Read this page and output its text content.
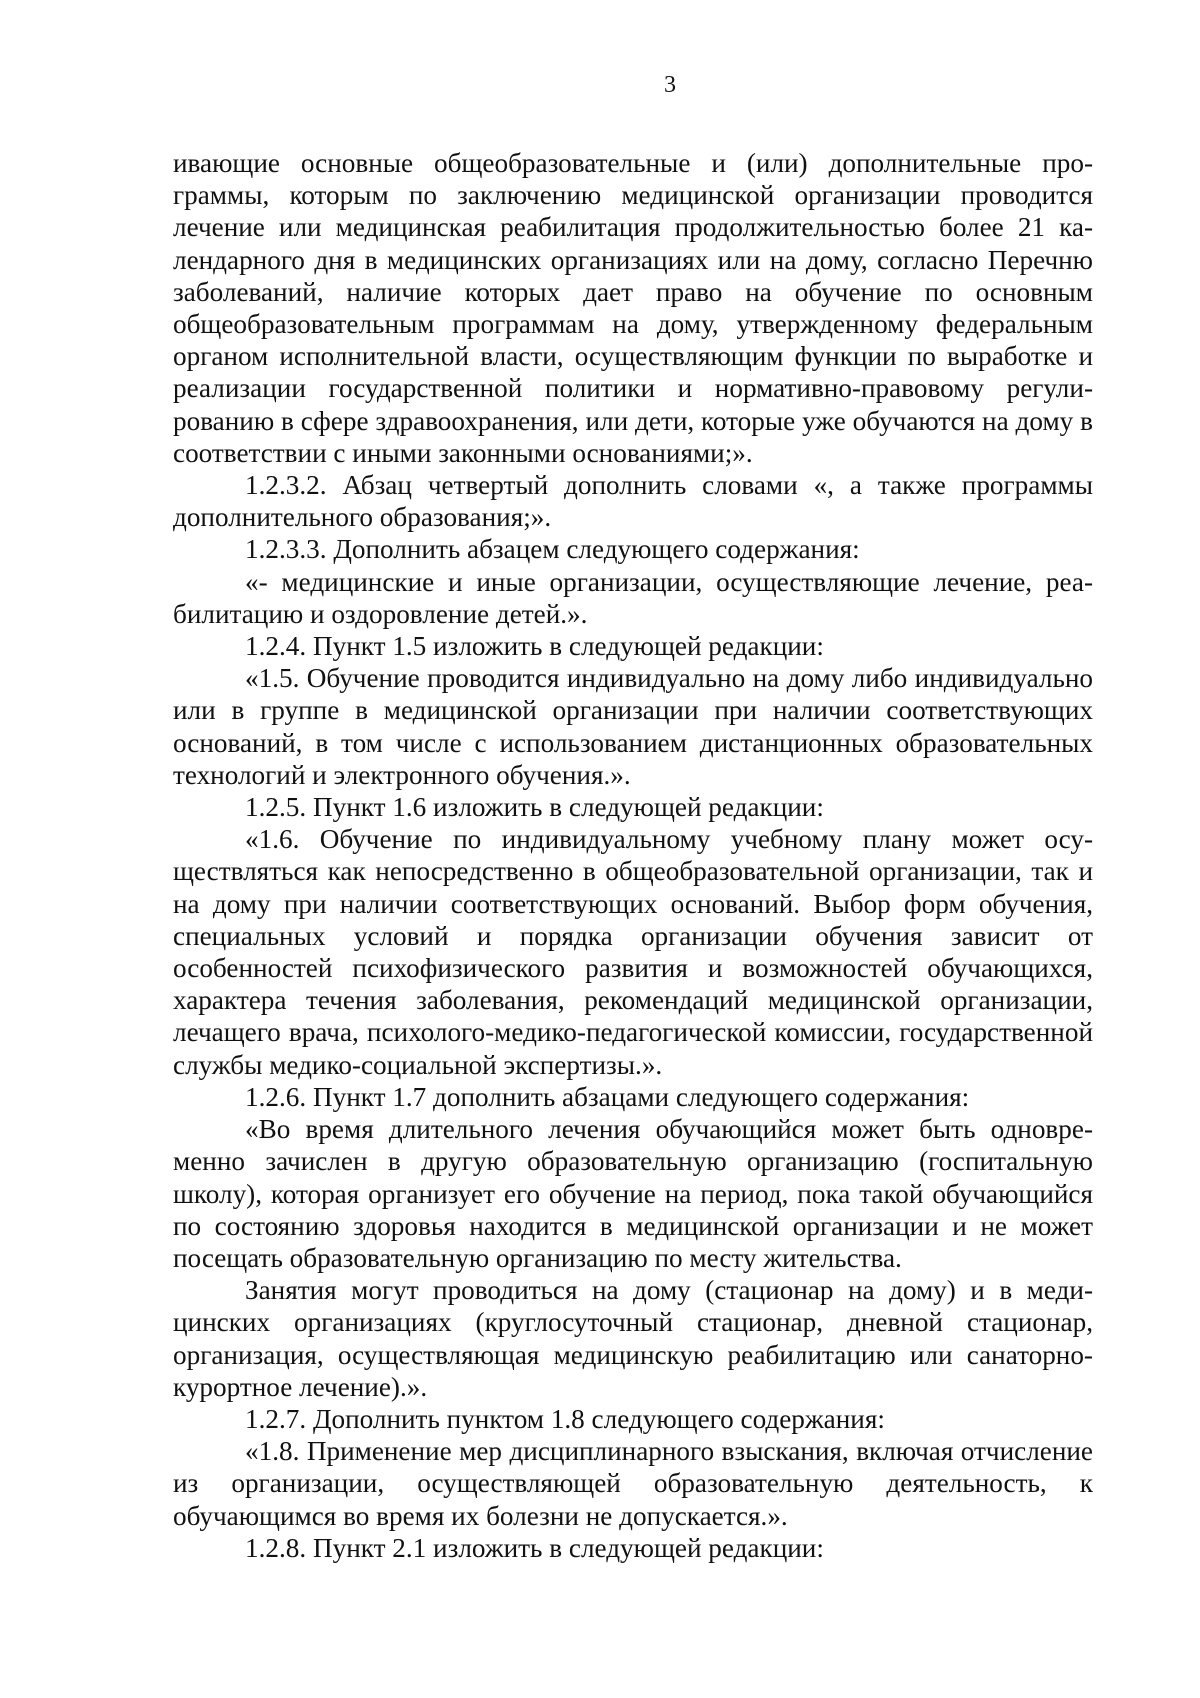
3

ивающие основные общеобразовательные и (или) дополнительные программы, которым по заключению медицинской организации проводится лечение или медицинская реабилитация продолжительностью более 21 календарного дня в медицинских организациях или на дому, согласно Перечню заболеваний, наличие которых дает право на обучение по основным общеобразовательным программам на дому, утвержденному федеральным органом исполнительной власти, осуществляющим функции по выработке и реализации государственной политики и нормативно-правовому регулированию в сфере здравоохранения, или дети, которые уже обучаются на дому в соответствии с иными законными основаниями;».

1.2.3.2. Абзац четвертый дополнить словами «, а также программы дополнительного образования;».

1.2.3.3. Дополнить абзацем следующего содержания:

«- медицинские и иные организации, осуществляющие лечение, реабилитацию и оздоровление детей.».

1.2.4. Пункт 1.5 изложить в следующей редакции:

«1.5. Обучение проводится индивидуально на дому либо индивидуально или в группе в медицинской организации при наличии соответствующих оснований, в том числе с использованием дистанционных образовательных технологий и электронного обучения.».

1.2.5. Пункт 1.6 изложить в следующей редакции:

«1.6. Обучение по индивидуальному учебному плану может осуществляться как непосредственно в общеобразовательной организации, так и на дому при наличии соответствующих оснований. Выбор форм обучения, специальных условий и порядка организации обучения зависит от особенностей психофизического развития и возможностей обучающихся, характера течения заболевания, рекомендаций медицинской организации, лечащего врача, психолого-медико-педагогической комиссии, государственной службы медико-социальной экспертизы.».

1.2.6. Пункт 1.7 дополнить абзацами следующего содержания:

«Во время длительного лечения обучающийся может быть одновременно зачислен в другую образовательную организацию (госпитальную школу), которая организует его обучение на период, пока такой обучающийся по состоянию здоровья находится в медицинской организации и не может посещать образовательную организацию по месту жительства.

Занятия могут проводиться на дому (стационар на дому) и в медицинских организациях (круглосуточный стационар, дневной стационар, организация, осуществляющая медицинскую реабилитацию или санаторно-курортное лечение).».

1.2.7. Дополнить пунктом 1.8 следующего содержания:

«1.8. Применение мер дисциплинарного взыскания, включая отчисление из организации, осуществляющей образовательную деятельность, к обучающимся во время их болезни не допускается.».

1.2.8. Пункт 2.1 изложить в следующей редакции:
